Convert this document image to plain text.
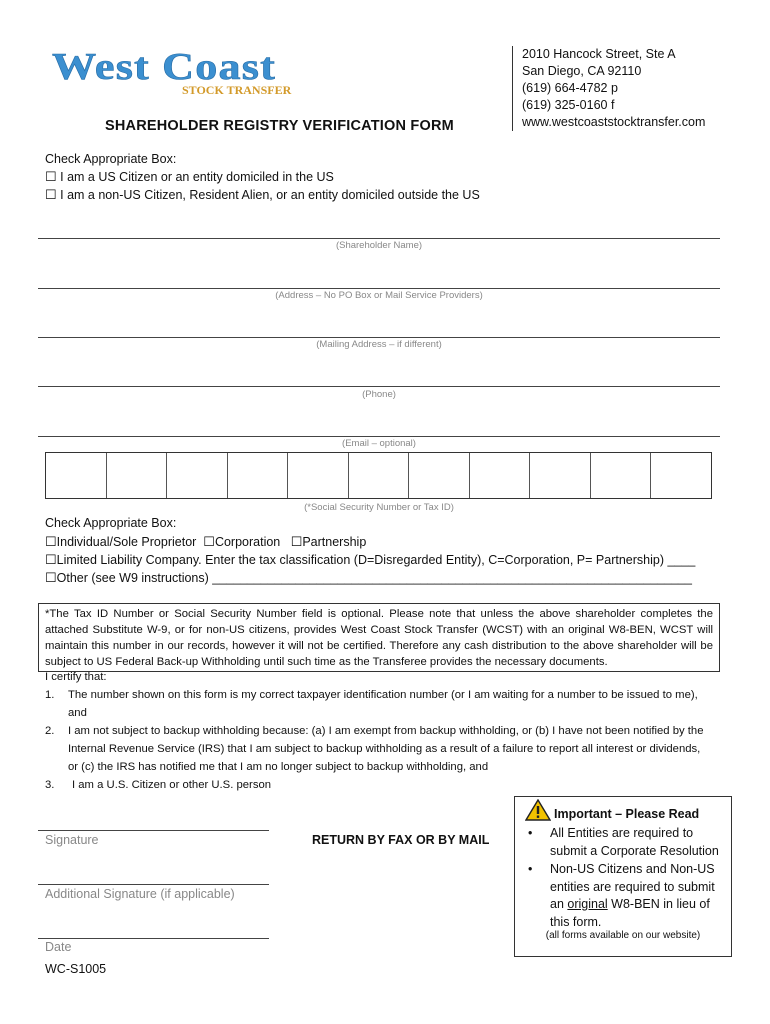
West Coast
STOCK TRANSFER
2010 Hancock Street, Ste A
San Diego, CA 92110
(619) 664-4782 p
(619) 325-0160 f
www.westcoaststocktransfer.com
SHAREHOLDER REGISTRY VERIFICATION FORM
Check Appropriate Box:
☐ I am a US Citizen or an entity domiciled in the US
☐ I am a non-US Citizen, Resident Alien, or an entity domiciled outside the US
(Shareholder Name)
(Address – No PO Box or Mail Service Providers)
(Mailing Address – if different)
(Phone)
(Email – optional)
(*Social Security Number or Tax ID)
Check Appropriate Box:
☐Individual/Sole Proprietor ☐Corporation ☐Partnership
☐Limited Liability Company. Enter the tax classification (D=Disregarded Entity), C=Corporation, P= Partnership) ____
☐Other (see W9 instructions) _____________________________________________________________________
*The Tax ID Number or Social Security Number field is optional. Please note that unless the above shareholder completes the attached Substitute W-9, or for non-US citizens, provides West Coast Stock Transfer (WCST) with an original W8-BEN, WCST will maintain this number in our records, however it will not be certified. Therefore any cash distribution to the above shareholder will be subject to US Federal Back-up Withholding until such time as the Transferee provides the necessary documents.
I certify that:
1. The number shown on this form is my correct taxpayer identification number (or I am waiting for a number to be issued to me),
and
2. I am not subject to backup withholding because: (a) I am exempt from backup withholding, or (b) I have not been notified by the
Internal Revenue Service (IRS) that I am subject to backup withholding as a result of a failure to report all interest or dividends,
or (c) the IRS has notified me that I am no longer subject to backup withholding, and
3. I am a U.S. Citizen or other U.S. person
Signature
Additional Signature (if applicable)
Date
WC-S1005
RETURN BY FAX OR BY MAIL
Important – Please Read
• All Entities are required to submit a Corporate Resolution
• Non-US Citizens and Non-US entities are required to submit an original W8-BEN in lieu of this form.
(all forms available on our website)
